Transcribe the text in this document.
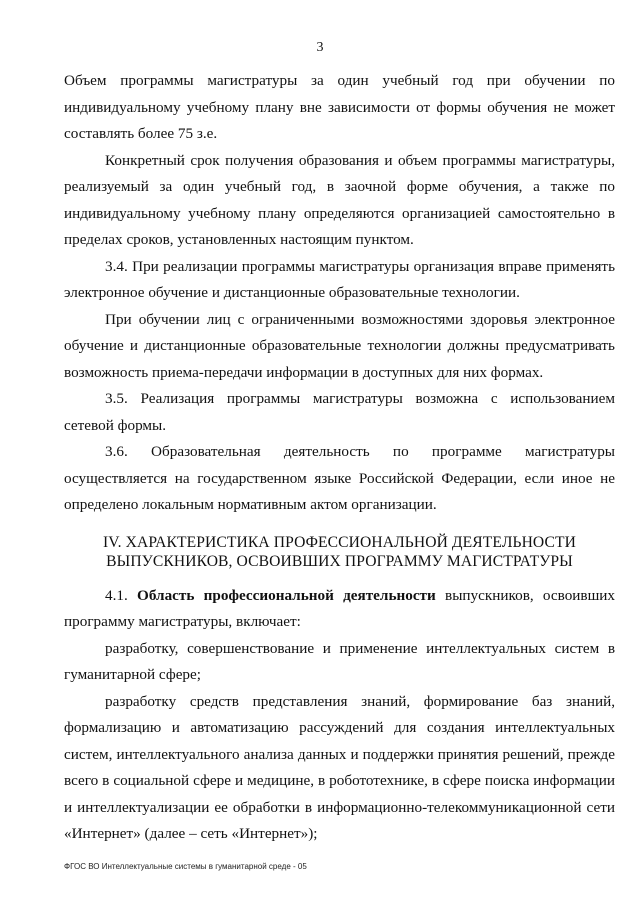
3

Объем программы магистратуры за один учебный год при обучении по индивидуальному учебному плану вне зависимости от формы обучения не может составлять более 75 з.е.

Конкретный срок получения образования и объем программы магистратуры, реализуемый за один учебный год, в заочной форме обучения, а также по индивидуальному учебному плану определяются организацией самостоятельно в пределах сроков, установленных настоящим пунктом.

3.4. При реализации программы магистратуры организация вправе применять электронное обучение и дистанционные образовательные технологии.

При обучении лиц с ограниченными возможностями здоровья электронное обучение и дистанционные образовательные технологии должны предусматривать возможность приема-передачи информации в доступных для них формах.

3.5. Реализация программы магистратуры возможна с использованием сетевой формы.

3.6. Образовательная деятельность по программе магистратуры осуществляется на государственном языке Российской Федерации, если иное не определено локальным нормативным актом организации.

IV. ХАРАКТЕРИСТИКА ПРОФЕССИОНАЛЬНОЙ ДЕЯТЕЛЬНОСТИ
ВЫПУСКНИКОВ, ОСВОИВШИХ ПРОГРАММУ МАГИСТРАТУРЫ

4.1. Область профессиональной деятельности выпускников, освоивших программу магистратуры, включает:

разработку, совершенствование и применение интеллектуальных систем в гуманитарной сфере;

разработку средств представления знаний, формирование баз знаний, формализацию и автоматизацию рассуждений для создания интеллектуальных систем, интеллектуального анализа данных и поддержки принятия решений, прежде всего в социальной сфере и медицине, в робототехнике, в сфере поиска информации и интеллектуализации ее обработки в информационно-телекоммуникационной сети «Интернет» (далее – сеть «Интернет»);

ФГОС ВО Интеллектуальные системы в гуманитарной среде - 05
